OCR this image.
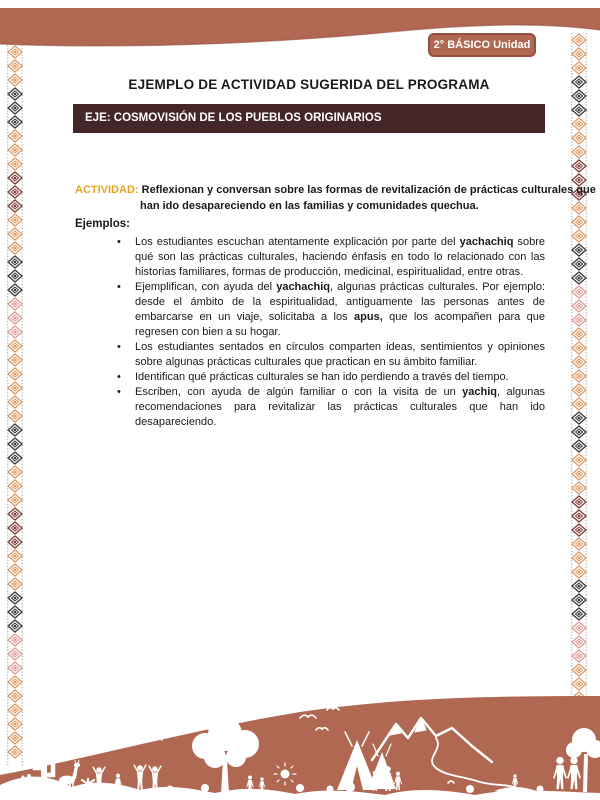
2° BÁSICO Unidad 3
EJEMPLO DE ACTIVIDAD SUGERIDA DEL PROGRAMA
EJE: COSMOVISIÓN DE LOS PUEBLOS ORIGINARIOS

ACTIVIDAD: Reflexionan y conversan sobre las formas de revitalización de prácticas culturales que han ido desapareciendo en las familias y comunidades quechua.

Ejemplos:
• Los estudiantes escuchan atentamente explicación por parte del yachachiq sobre qué son las prácticas culturales, haciendo énfasis en todo lo relacionado con las historias familiares, formas de producción, medicinal, espiritualidad, entre otras.
• Ejemplifican, con ayuda del yachachiq, algunas prácticas culturales. Por ejemplo: desde el ámbito de la espiritualidad, antiguamente las personas antes de embarcarse en un viaje, solicitaba a los apus, que los acompañen para que regresen con bien a su hogar.
• Los estudiantes sentados en círculos comparten ideas, sentimientos y opiniones sobre algunas prácticas culturales que practican en su ámbito familiar.
• Identifican qué prácticas culturales se han ido perdiendo a través del tiempo.
• Escriben, con ayuda de algún familiar o con la visita de un yachiq, algunas recomendaciones para revitalizar las prácticas culturales que han ido desapareciendo.
